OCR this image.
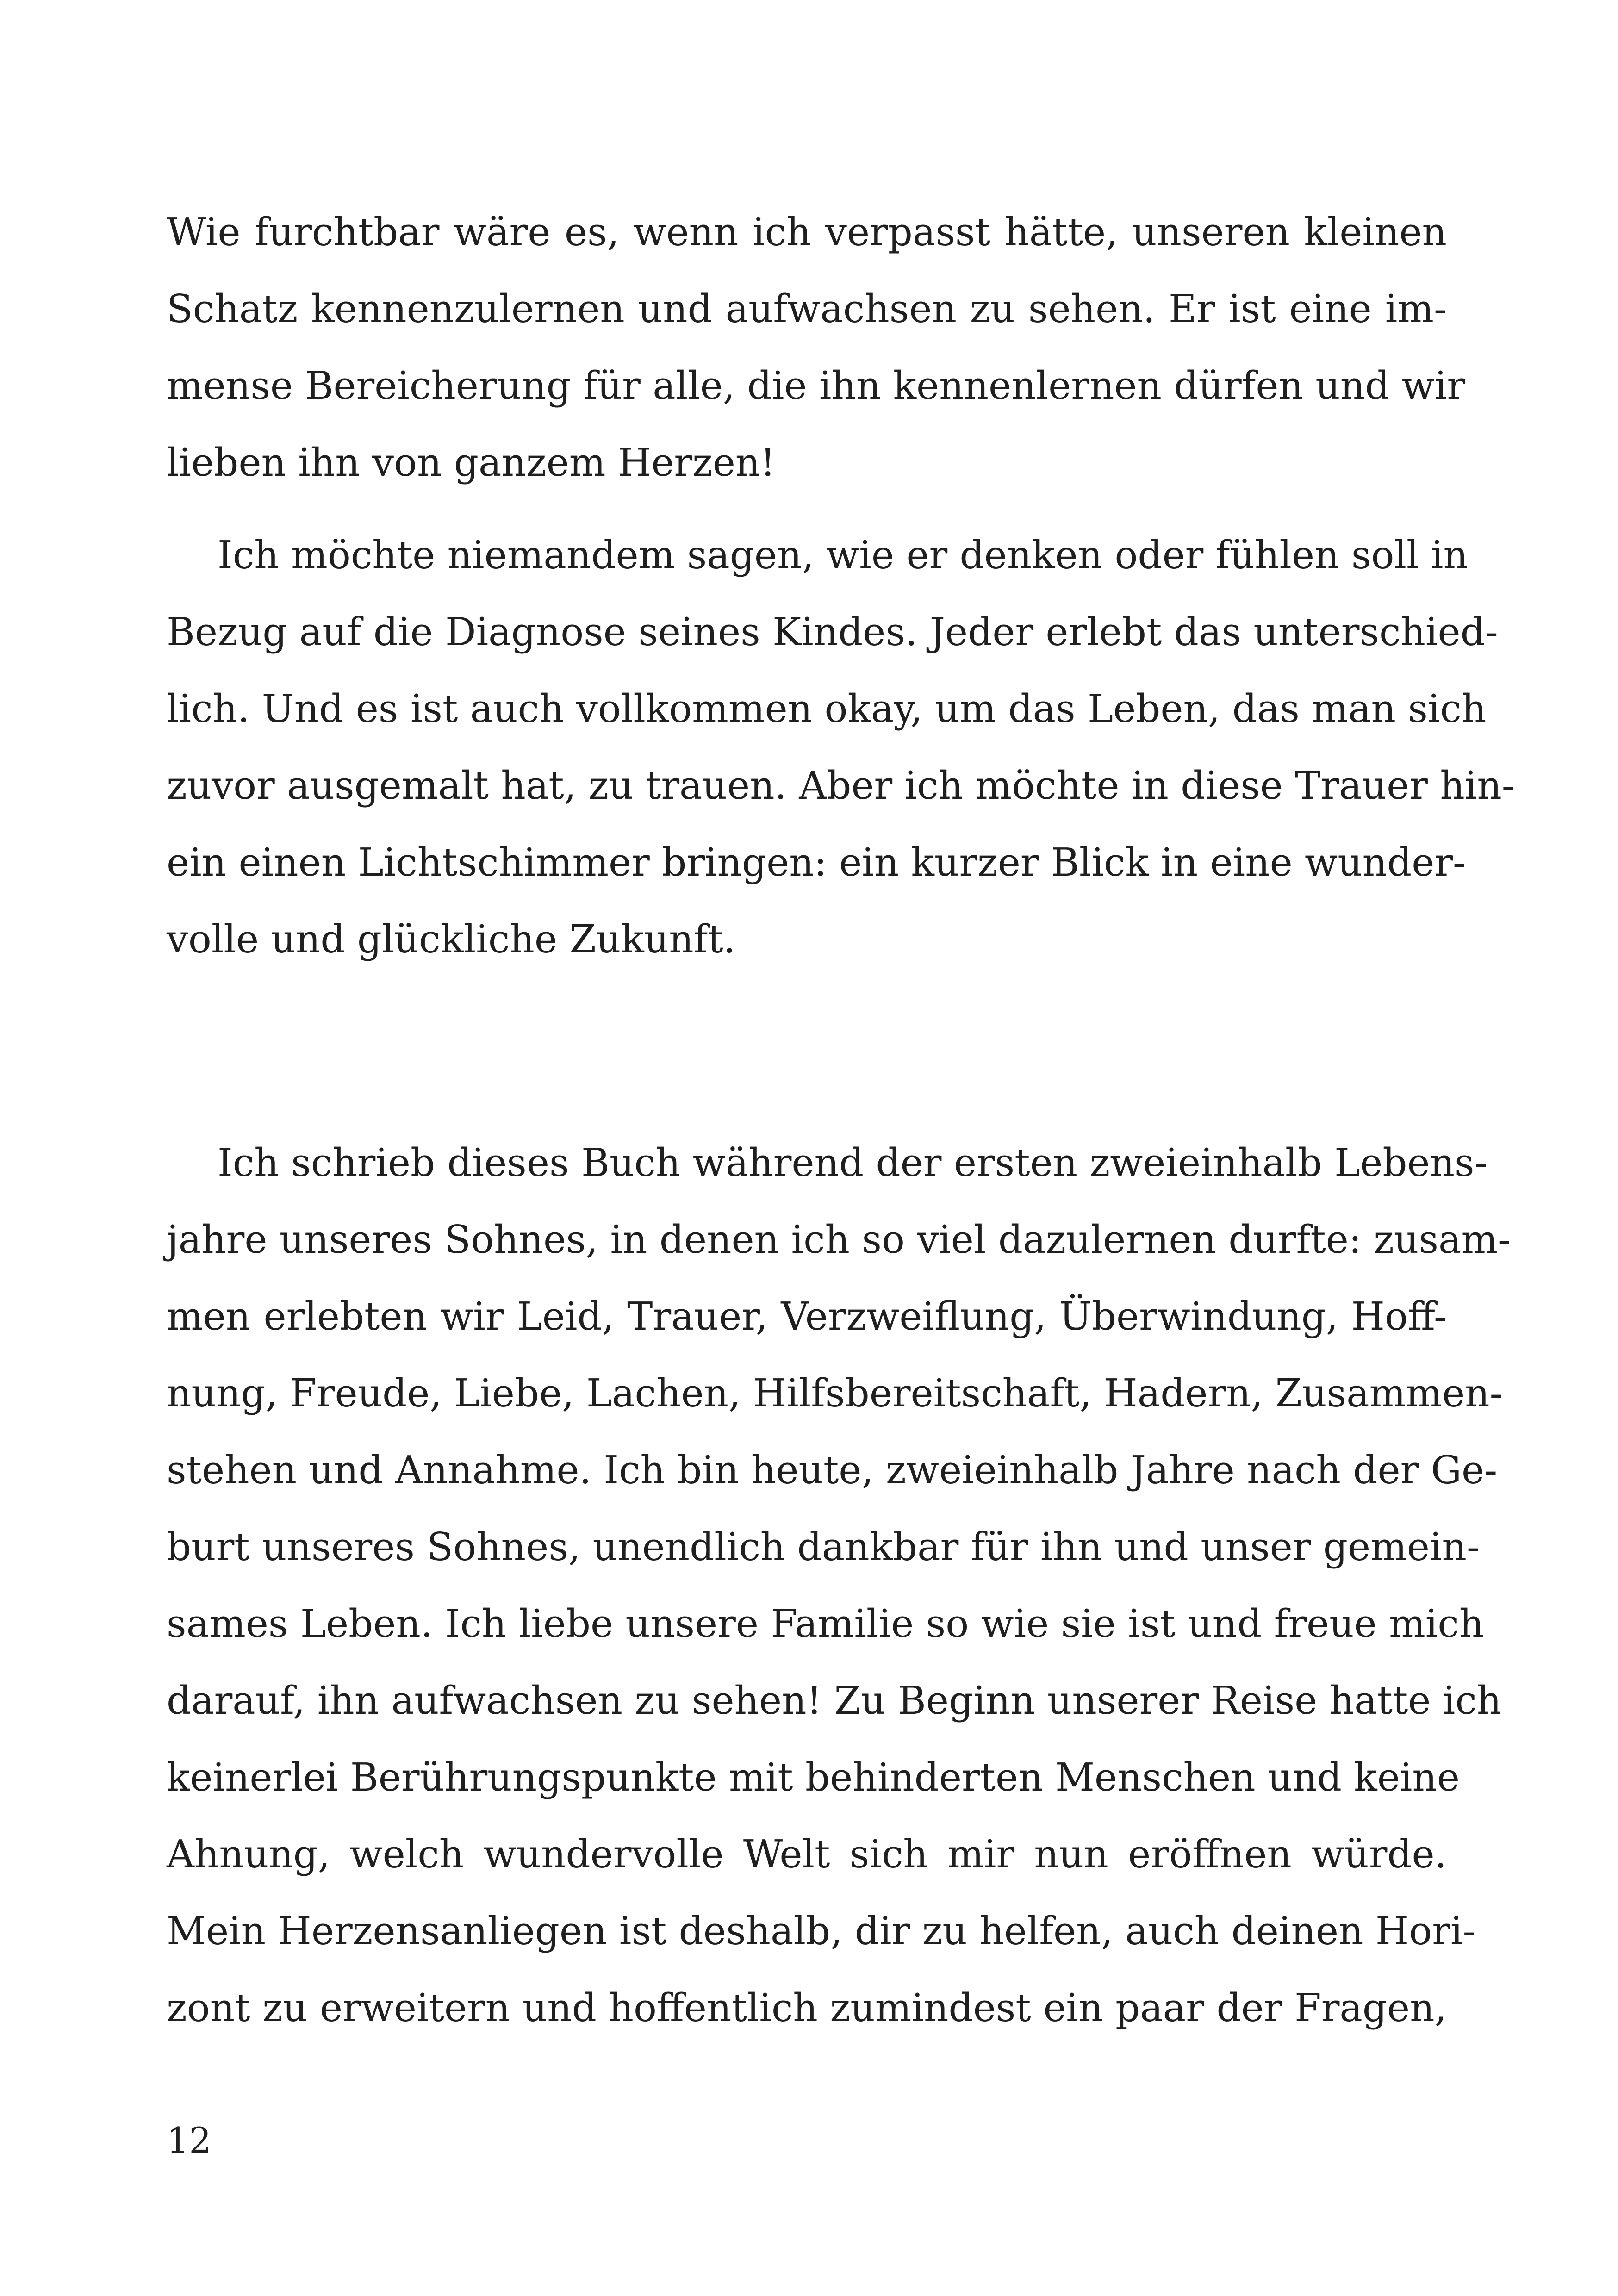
Wie furchtbar wäre es, wenn ich verpasst hätte, unseren kleinen
Schatz kennenzulernen und aufwachsen zu sehen. Er ist eine im-
mense Bereicherung für alle, die ihn kennenlernen dürfen und wir
lieben ihn von ganzem Herzen!
Ich möchte niemandem sagen, wie er denken oder fühlen soll in
Bezug auf die Diagnose seines Kindes. Jeder erlebt das unterschied-
lich. Und es ist auch vollkommen okay, um das Leben, das man sich
zuvor ausgemalt hat, zu trauen. Aber ich möchte in diese Trauer hin-
ein einen Lichtschimmer bringen: ein kurzer Blick in eine wunder-
volle und glückliche Zukunft.
Ich schrieb dieses Buch während der ersten zweieinhalb Lebens-
jahre unseres Sohnes, in denen ich so viel dazulernen durfte: zusam-
men erlebten wir Leid, Trauer, Verzweiflung, Überwindung, Hoff-
nung, Freude, Liebe, Lachen, Hilfsbereitschaft, Hadern, Zusammen-
stehen und Annahme. Ich bin heute, zweieinhalb Jahre nach der Ge-
burt unseres Sohnes, unendlich dankbar für ihn und unser gemein-
sames Leben. Ich liebe unsere Familie so wie sie ist und freue mich
darauf, ihn aufwachsen zu sehen! Zu Beginn unserer Reise hatte ich
keinerlei Berührungspunkte mit behinderten Menschen und keine
Ahnung, welch wundervolle Welt sich mir nun eröffnen würde.
Mein Herzensanliegen ist deshalb, dir zu helfen, auch deinen Hori-
zont zu erweitern und hoffentlich zumindest ein paar der Fragen,
12
